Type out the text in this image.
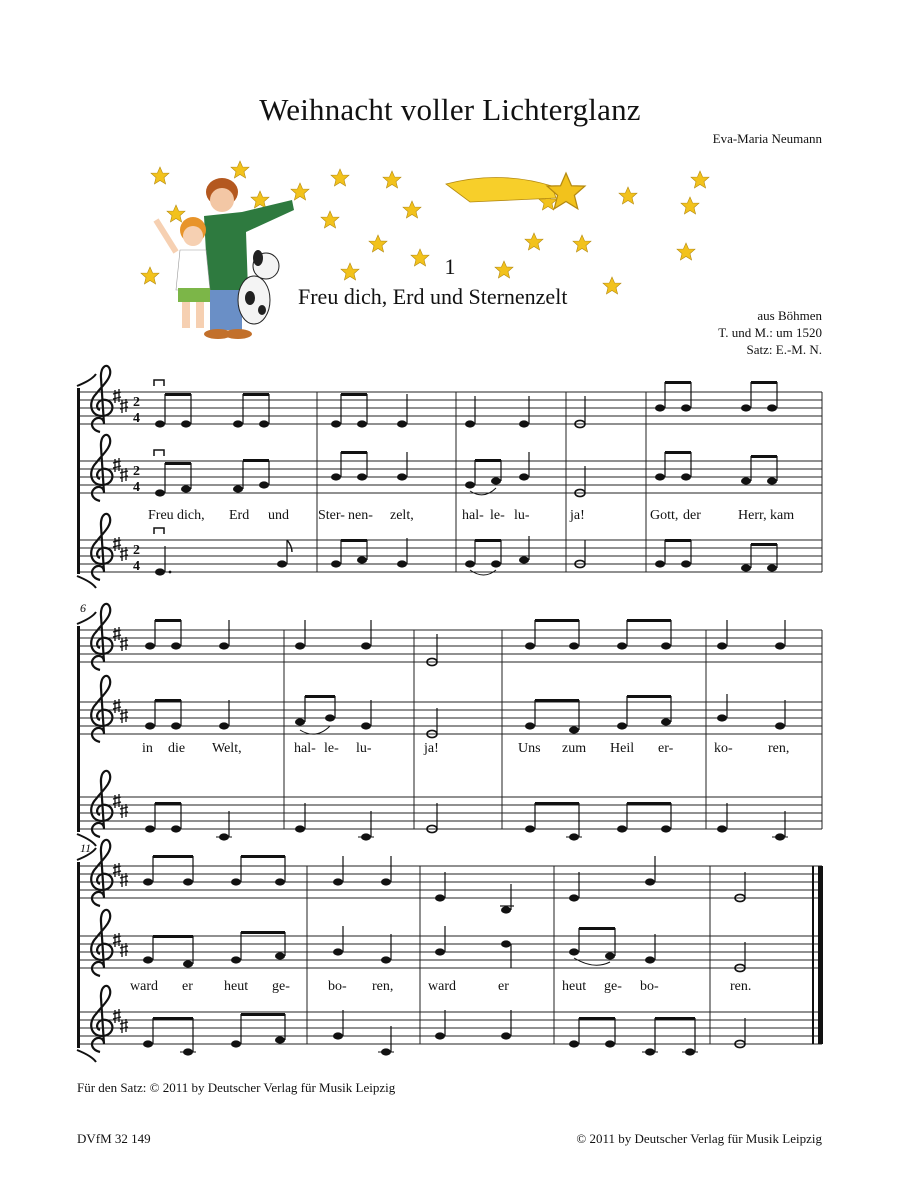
Weihnacht voller Lichterglanz
Eva-Maria Neumann
1
Freu dich, Erd und Sternenzelt
aus Böhmen
T. und M.: um 1520
Satz: E.-M. N.
2
4
2
4
2
4
Freu dich, Erd und Ster- nen- zelt,	hal- le- lu-	ja!	Gott, der	Herr, kam
6
in die Welt,	hal- le- lu-	ja!	Uns zum Heil er-	ko-	ren,
11
ward er heut ge-	bo- ren, ward	er	heut ge- bo-	ren.
Für den Satz: © 2011 by Deutscher Verlag für Musik Leipzig
DVfM 32 149	© 2011 by Deutscher Verlag für Musik Leipzig
